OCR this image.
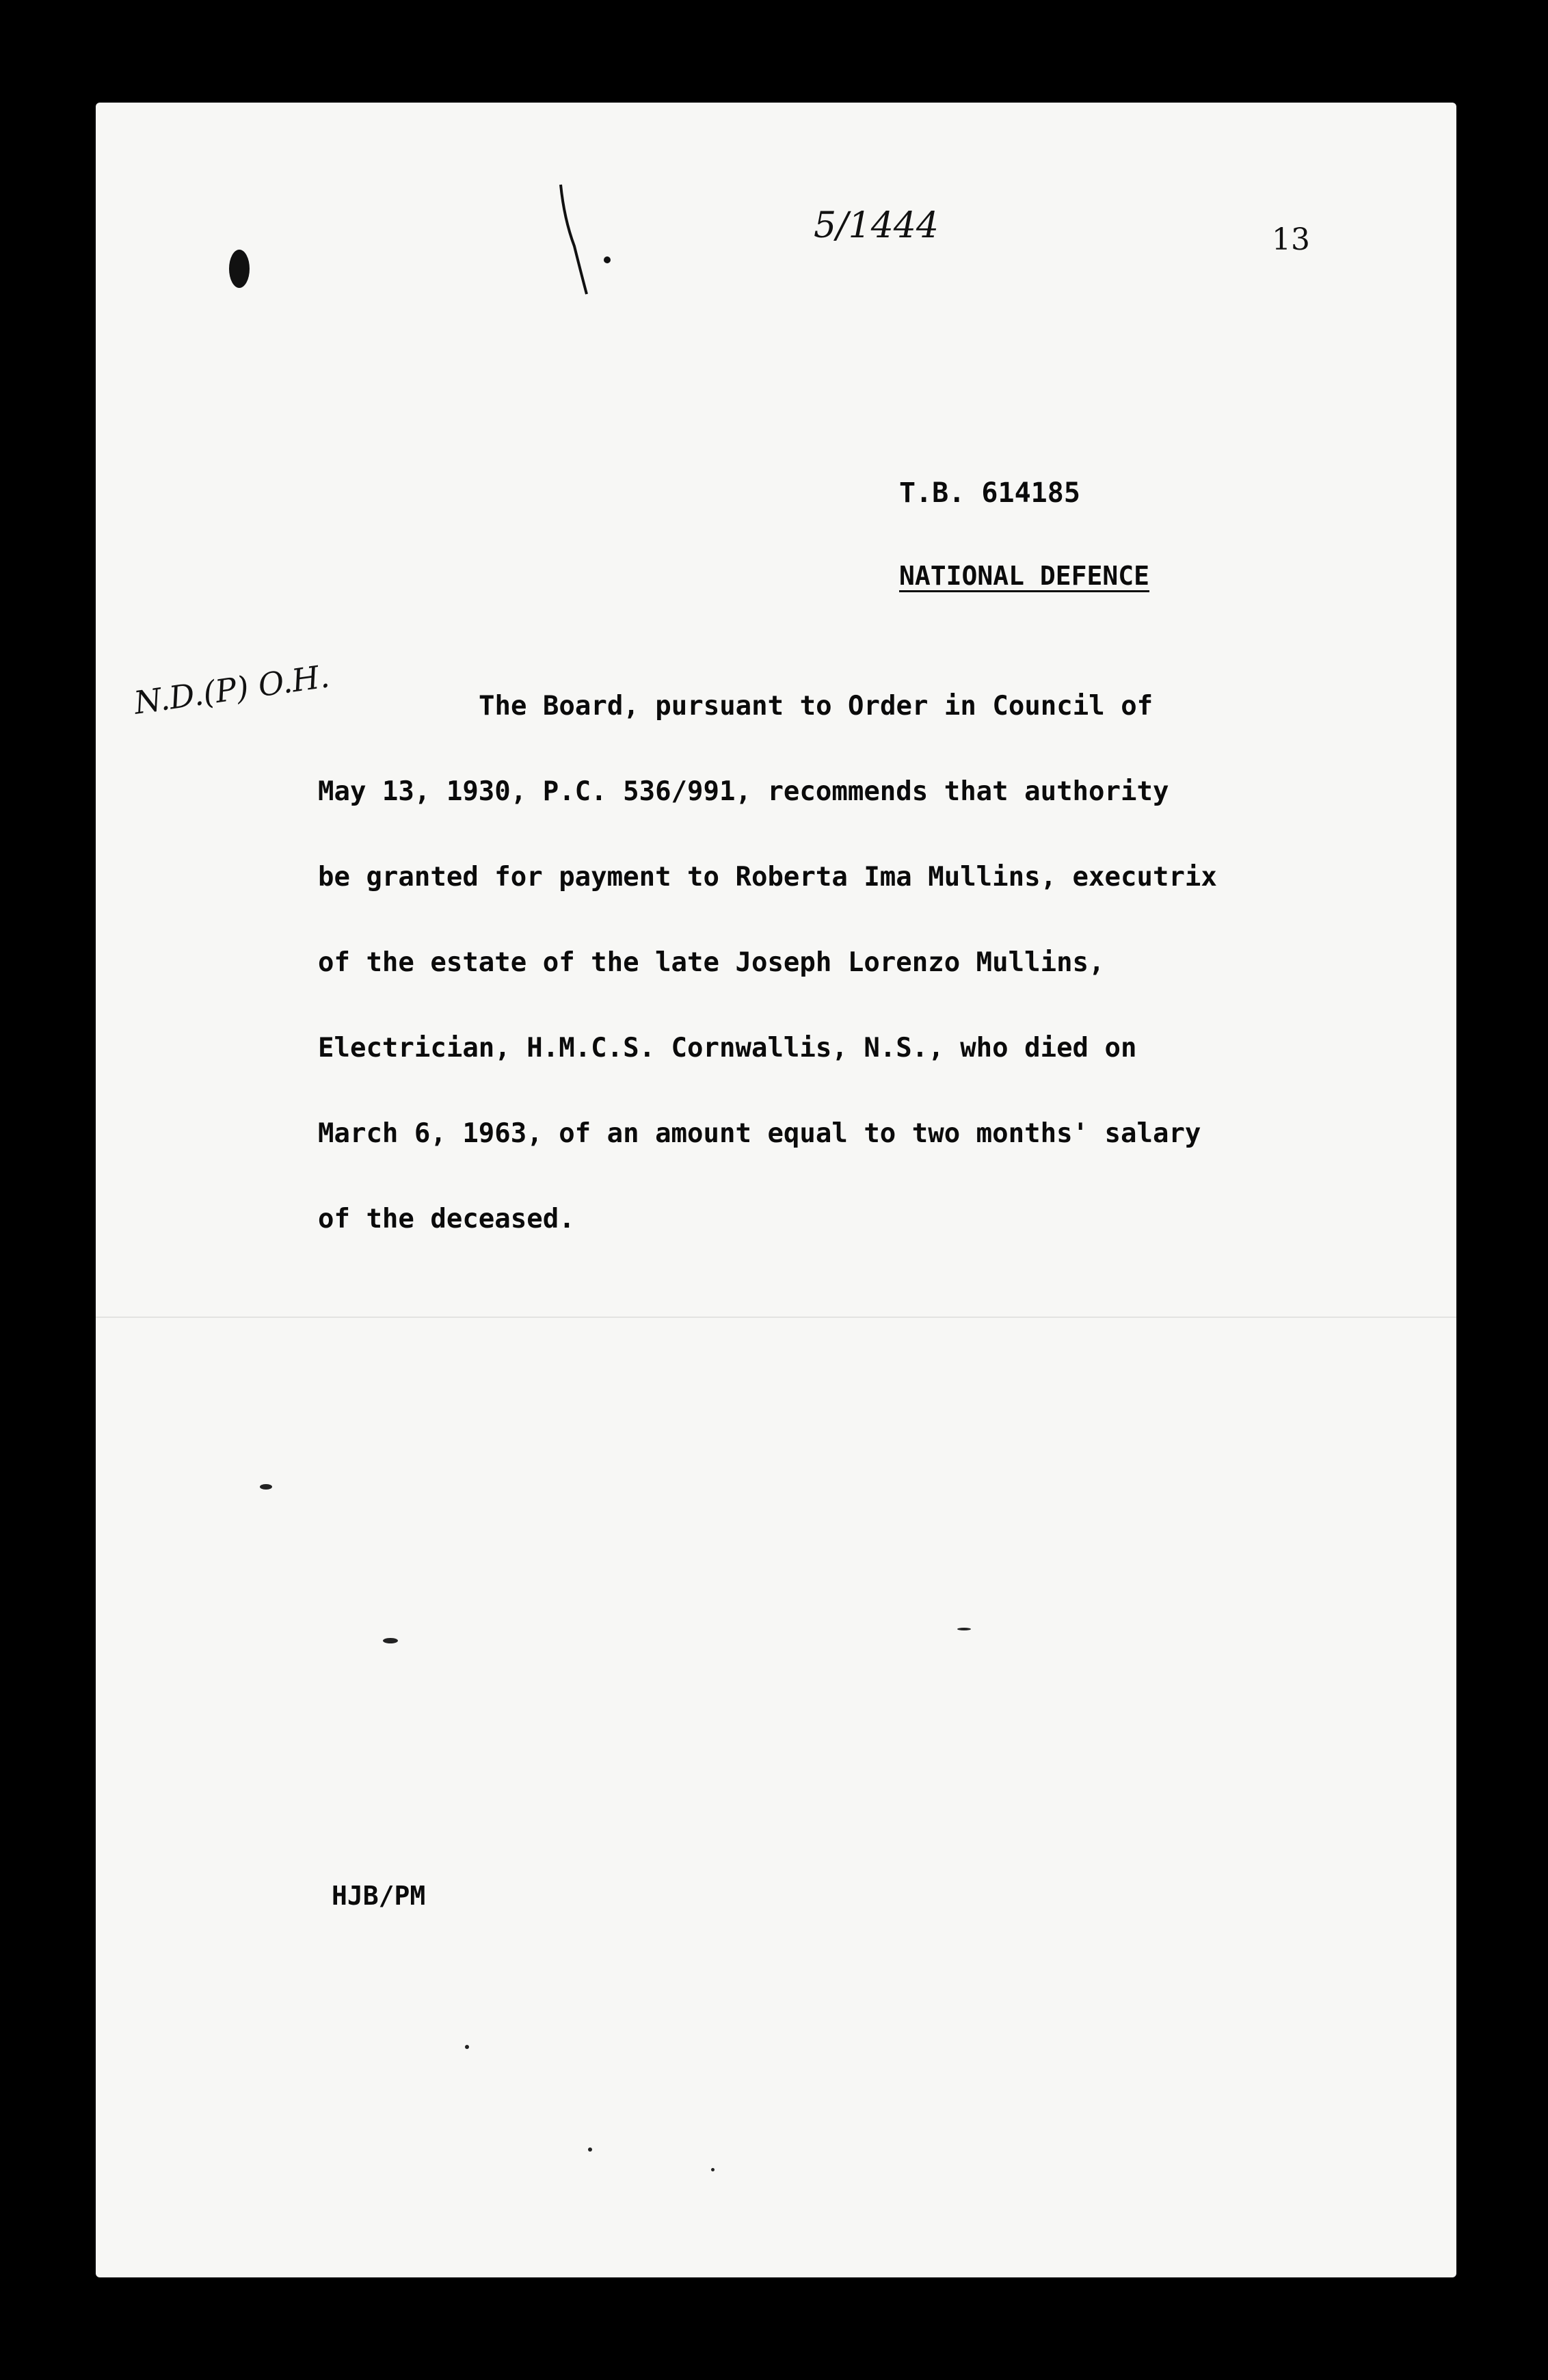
5/1444	13
N.D.(P) O.H.
T.B. 614185
NATIONAL DEFENCE
The Board, pursuant to Order in Council of
May 13, 1930, P.C. 536/991, recommends that authority
be granted for payment to Roberta Ima Mullins, executrix
of the estate of the late Joseph Lorenzo Mullins,
Electrician, H.M.C.S. Cornwallis, N.S., who died on
March 6, 1963, of an amount equal to two months' salary
of the deceased.
HJB/PM
